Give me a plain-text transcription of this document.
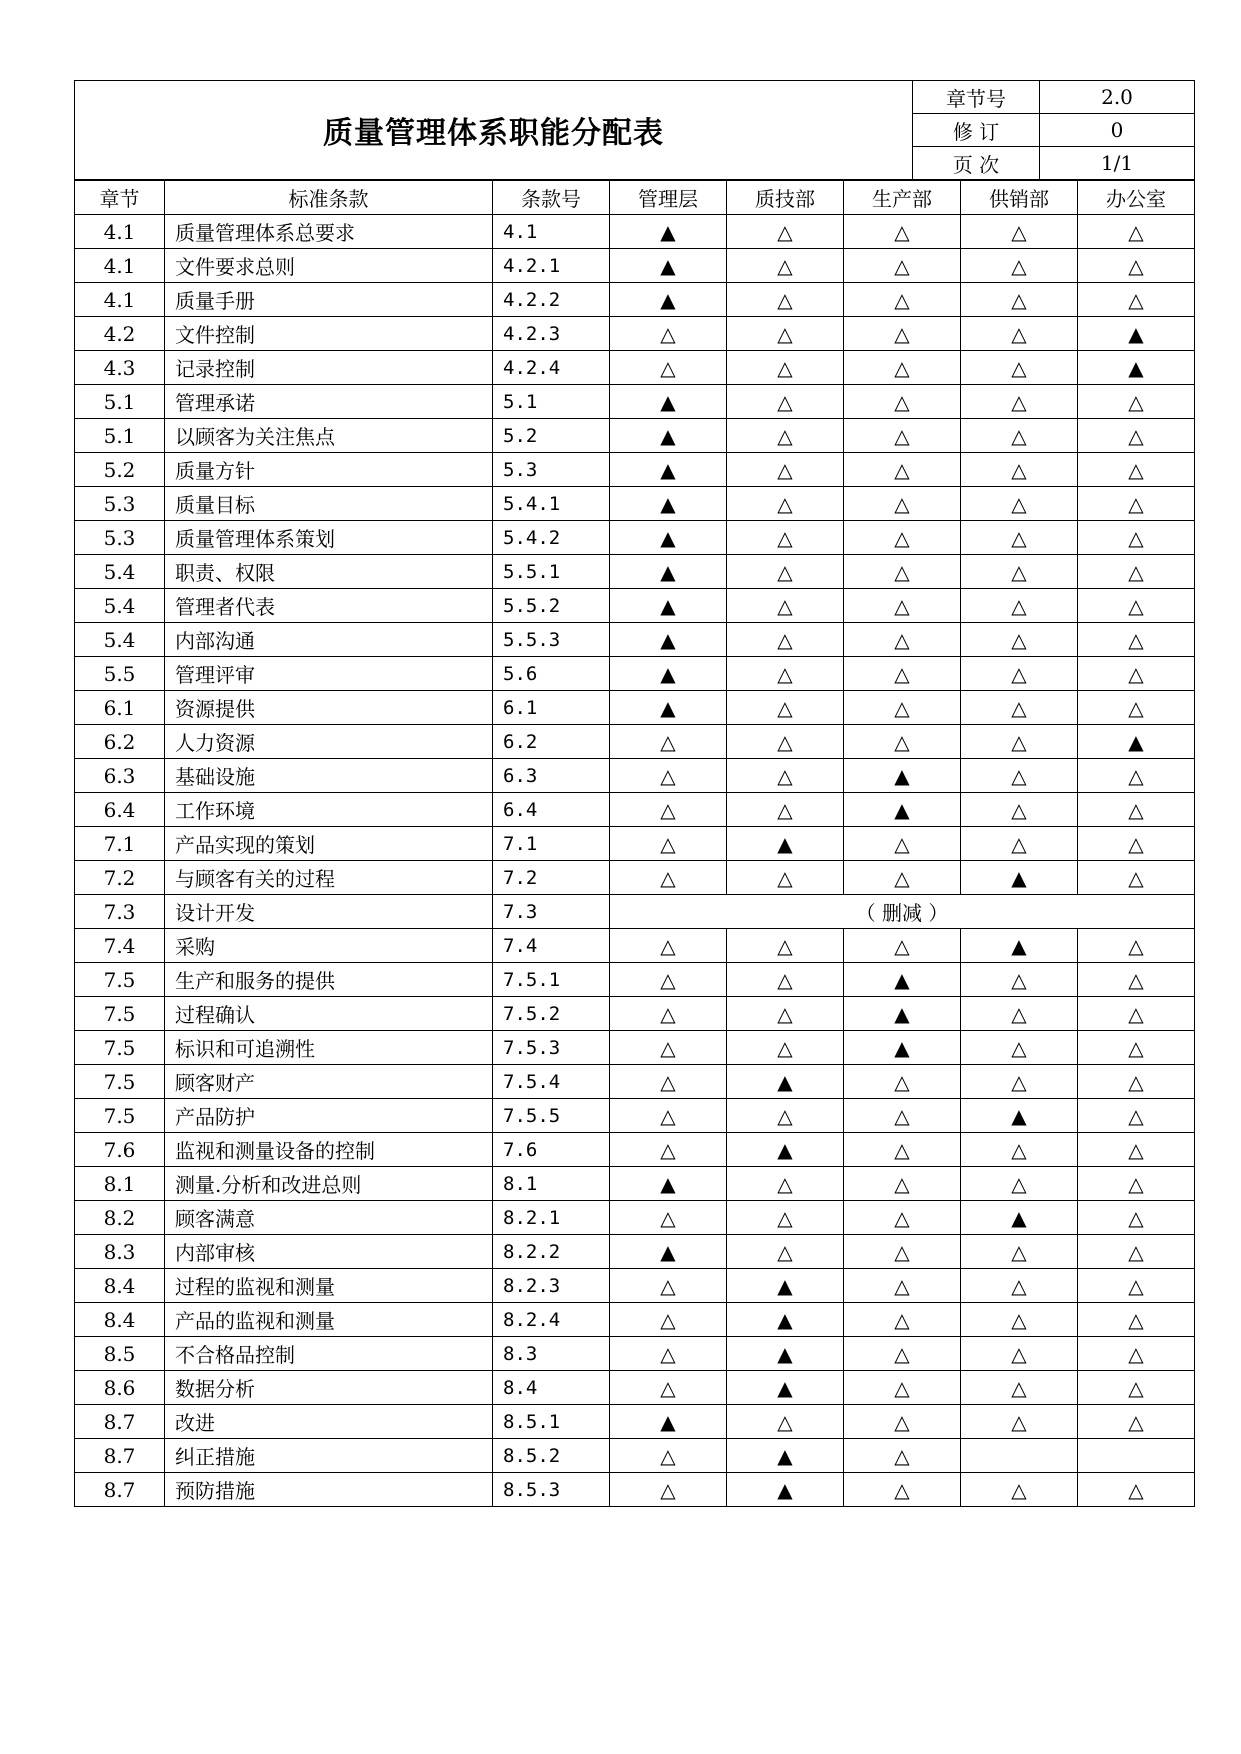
质量管理体系职能分配表	章节号	2.0
	修 订	0
	页 次	1/1
章节	标准条款	条款号	管理层	质技部	生产部	供销部	办公室
4.1	质量管理体系总要求	4.1	▲	△	△	△	△
4.1	文件要求总则	4.2.1	▲	△	△	△	△
4.1	质量手册	4.2.2	▲	△	△	△	△
4.2	文件控制	4.2.3	△	△	△	△	▲
4.3	记录控制	4.2.4	△	△	△	△	▲
5.1	管理承诺	5.1	▲	△	△	△	△
5.1	以顾客为关注焦点	5.2	▲	△	△	△	△
5.2	质量方针	5.3	▲	△	△	△	△
5.3	质量目标	5.4.1	▲	△	△	△	△
5.3	质量管理体系策划	5.4.2	▲	△	△	△	△
5.4	职责、权限	5.5.1	▲	△	△	△	△
5.4	管理者代表	5.5.2	▲	△	△	△	△
5.4	内部沟通	5.5.3	▲	△	△	△	△
5.5	管理评审	5.6	▲	△	△	△	△
6.1	资源提供	6.1	▲	△	△	△	△
6.2	人力资源	6.2	△	△	△	△	▲
6.3	基础设施	6.3	△	△	▲	△	△
6.4	工作环境	6.4	△	△	▲	△	△
7.1	产品实现的策划	7.1	△	▲	△	△	△
7.2	与顾客有关的过程	7.2	△	△	△	▲	△
7.3	设计开发	7.3	（ 删减 ）				
7.4	采购	7.4	△	△	△	▲	△
7.5	生产和服务的提供	7.5.1	△	△	▲	△	△
7.5	过程确认	7.5.2	△	△	▲	△	△
7.5	标识和可追溯性	7.5.3	△	△	▲	△	△
7.5	顾客财产	7.5.4	△	▲	△	△	△
7.5	产品防护	7.5.5	△	△	△	▲	△
7.6	监视和测量设备的控制	7.6	△	▲	△	△	△
8.1	测量.分析和改进总则	8.1	▲	△	△	△	△
8.2	顾客满意	8.2.1	△	△	△	▲	△
8.3	内部审核	8.2.2	▲	△	△	△	△
8.4	过程的监视和测量	8.2.3	△	▲	△	△	△
8.4	产品的监视和测量	8.2.4	△	▲	△	△	△
8.5	不合格品控制	8.3	△	▲	△	△	△
8.6	数据分析	8.4	△	▲	△	△	△
8.7	改进	8.5.1	▲	△	△	△	△
8.7	纠正措施	8.5.2	△	▲	△		
8.7	预防措施	8.5.3	△	▲	△	△	△
